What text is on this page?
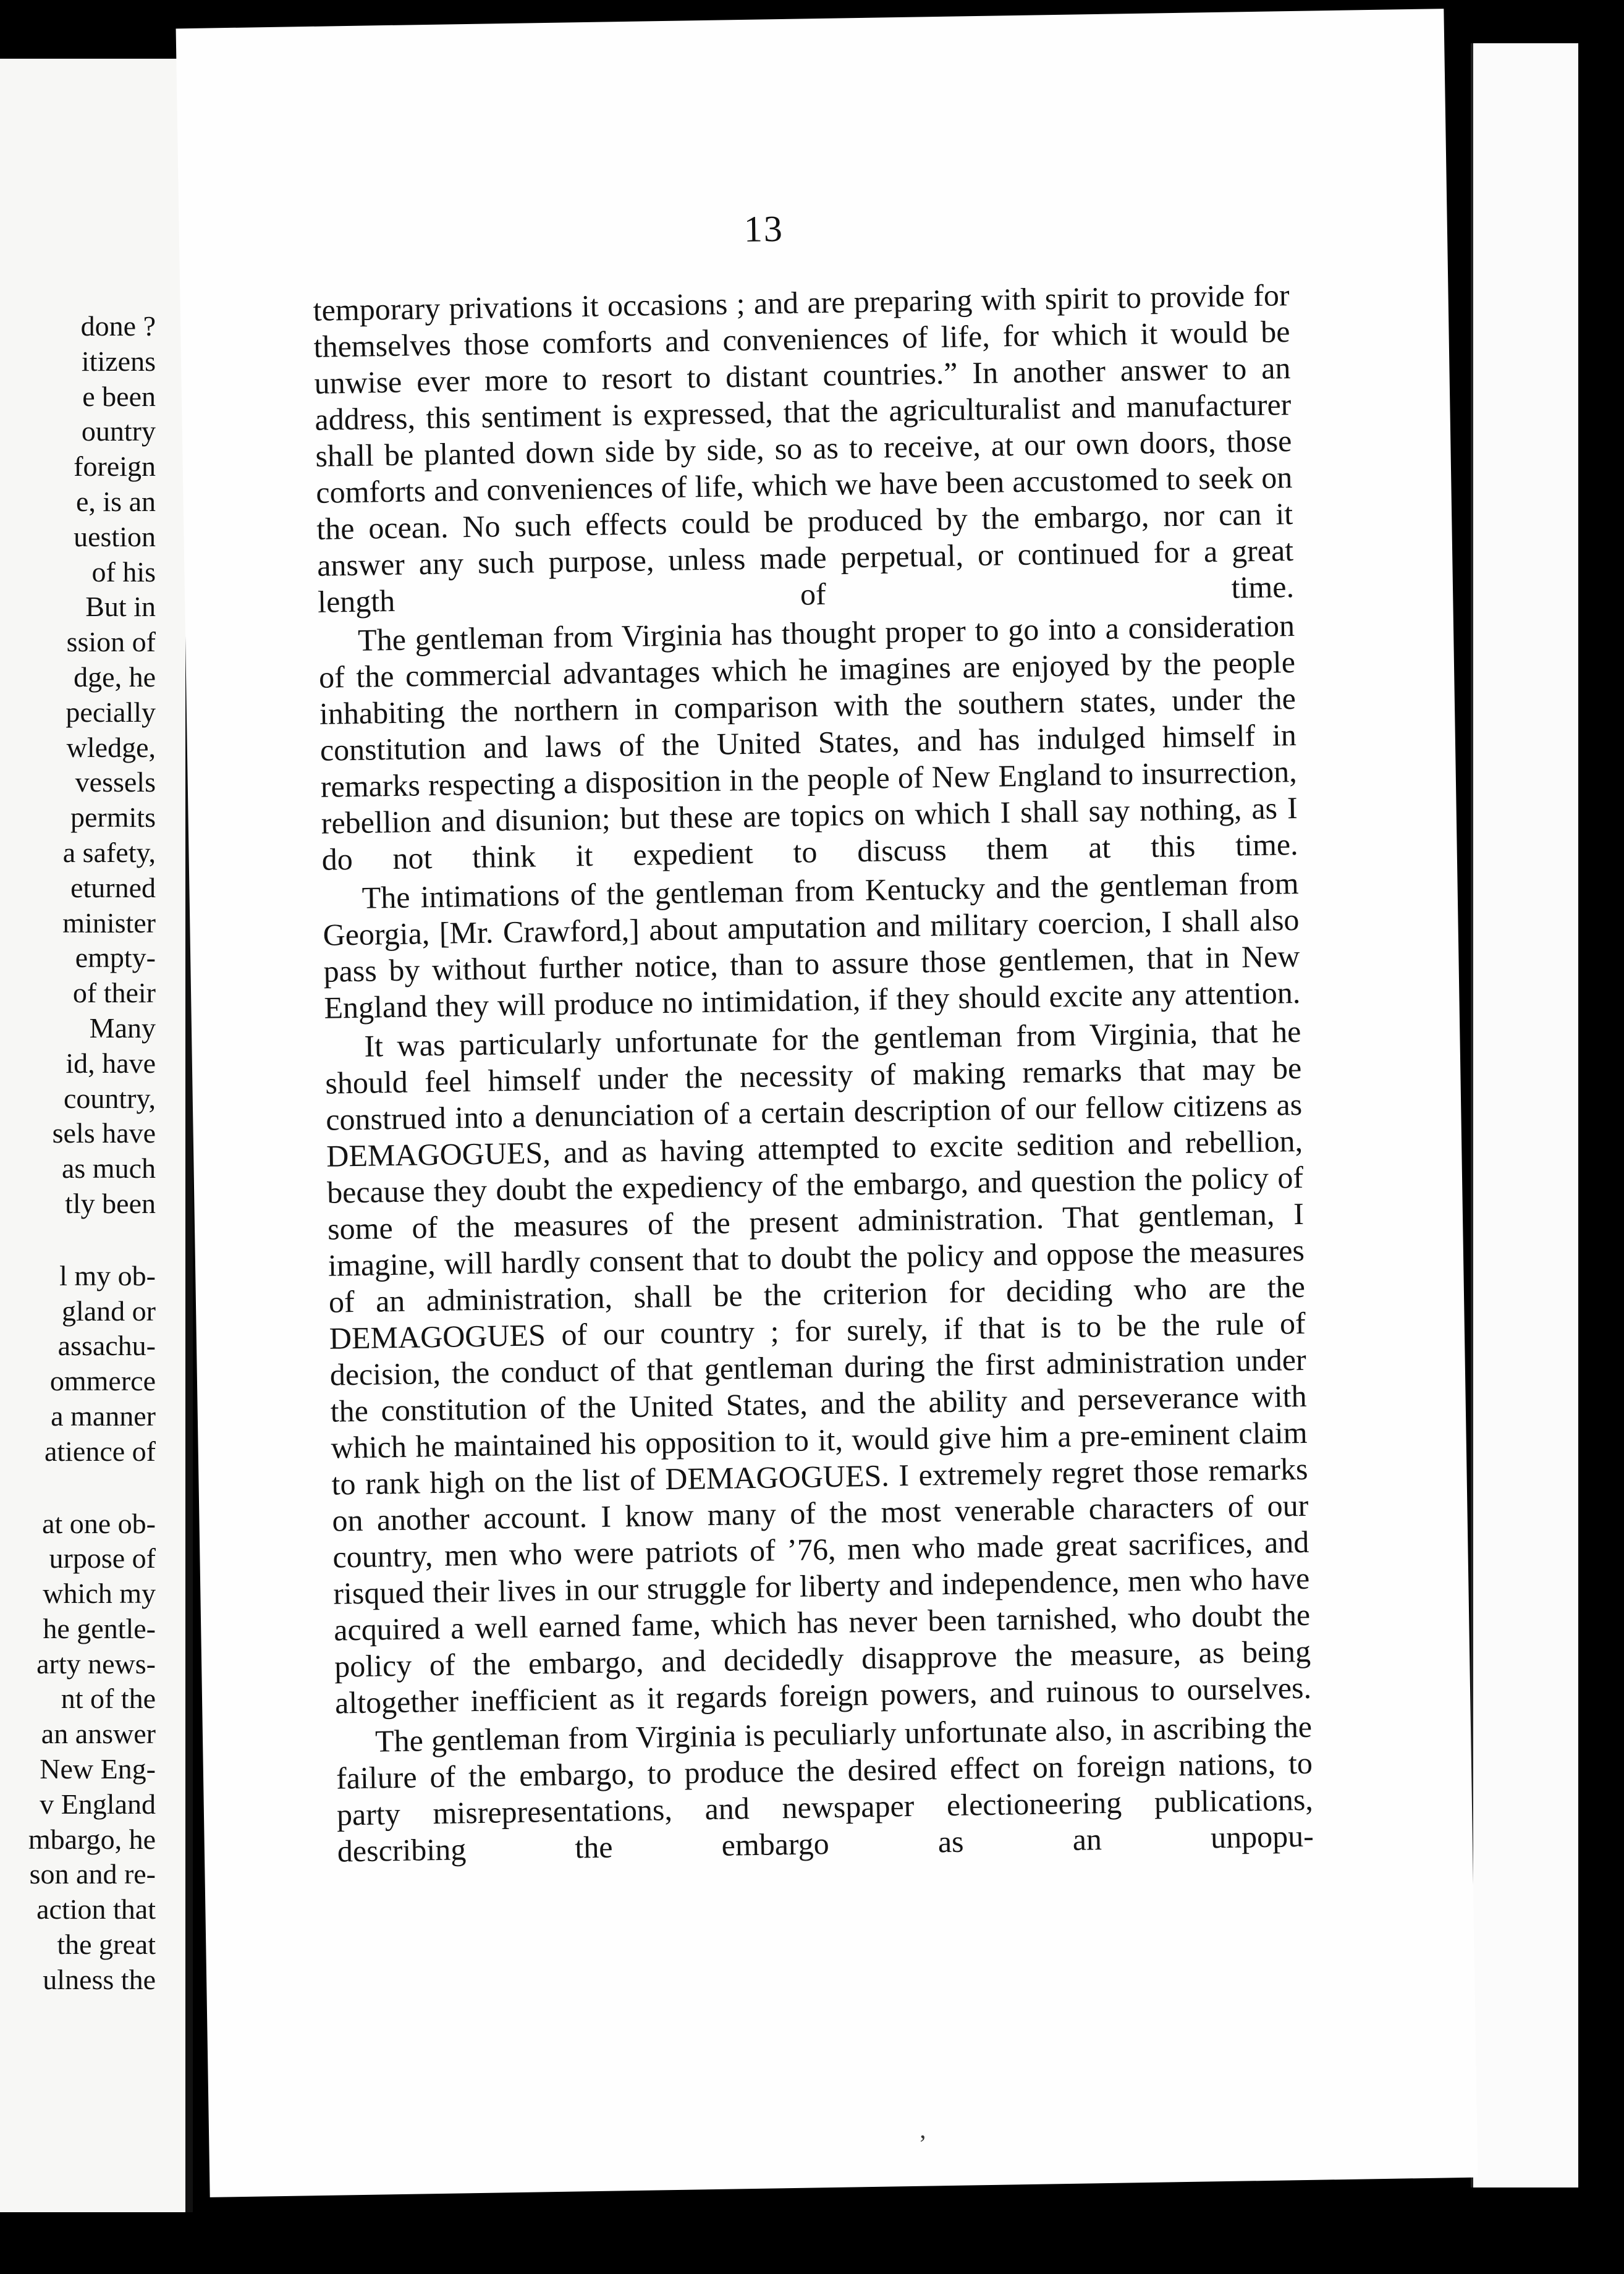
done ?
itizens
e been
ountry
foreign
e, is an
uestion
of his
But in
ssion of
dge, he
pecially
wledge,
vessels
permits
a safety,
eturned
minister
empty-
of their
Many
id, have
country,
sels have
as much
tly been
l my ob-
gland or
assachu-
ommerce
a manner
atience of
at one ob-
urpose of
which my
he gentle-
arty news-
nt of the
an answer
New Eng-
v England
mbargo, he
son and re-
action that
the great
ulness the
13

temporary privations it occasions ; and are preparing with spirit to provide for themselves those comforts and conveniences of life, for which it would be unwise ever more to resort to distant countries.” In another answer to an address, this sentiment is expressed, that the agriculturalist and manufacturer shall be planted down side by side, so as to receive, at our own doors, those comforts and conveniences of life, which we have been accustomed to seek on the ocean. No such effects could be produced by the embargo, nor can it answer any such purpose, unless made perpetual, or continued for a great length of time.

The gentleman from Virginia has thought proper to go into a consideration of the commercial advantages which he imagines are enjoyed by the people inhabiting the northern in comparison with the southern states, under the constitution and laws of the United States, and has indulged himself in remarks respecting a disposition in the people of New England to insurrection, rebellion and disunion; but these are topics on which I shall say nothing, as I do not think it expedient to discuss them at this time.

The intimations of the gentleman from Kentucky and the gentleman from Georgia, [Mr. Crawford,] about amputation and military coercion, I shall also pass by without further notice, than to assure those gentlemen, that in New England they will produce no intimidation, if they should excite any attention.

It was particularly unfortunate for the gentleman from Virginia, that he should feel himself under the necessity of making remarks that may be construed into a denunciation of a certain description of our fellow citizens as DEMAGOGUES, and as having attempted to excite sedition and rebellion, because they doubt the expediency of the embargo, and question the policy of some of the measures of the present administration. That gentleman, I imagine, will hardly consent that to doubt the policy and oppose the measures of an administration, shall be the criterion for deciding who are the DEMAGOGUES of our country ; for surely, if that is to be the rule of decision, the conduct of that gentleman during the first administration under the constitution of the United States, and the ability and perseverance with which he maintained his opposition to it, would give him a pre-eminent claim to rank high on the list of DEMAGOGUES. I extremely regret those remarks on another account. I know many of the most venerable characters of our country, men who were patriots of ’76, men who made great sacrifices, and risqued their lives in our struggle for liberty and independence, men who have acquired a well earned fame, which has never been tarnished, who doubt the policy of the embargo, and decidedly disapprove the measure, as being altogether inefficient as it regards foreign powers, and ruinous to ourselves.

The gentleman from Virginia is peculiarly unfortunate also, in ascribing the failure of the embargo, to produce the desired effect on foreign nations, to party misrepresentations, and newspaper electioneering publications, describing the embargo as an unpopu-

,
